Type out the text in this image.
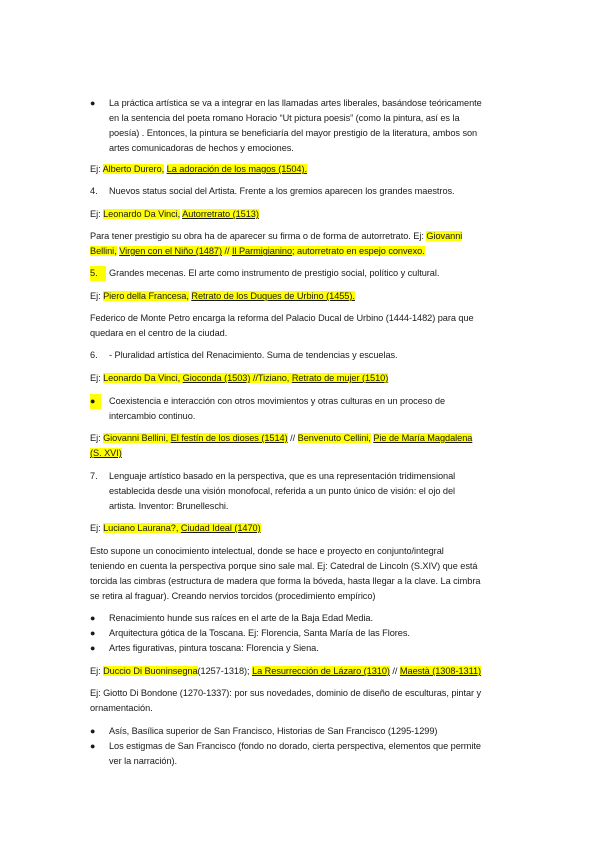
● La práctica artística se va a integrar en las llamadas artes liberales, basándose teóricamente

en la sentencia del poeta romano Horacio “Ut pictura poesis” (como la pintura, así es la

poesía) . Entonces, la pintura se beneficiaría del mayor prestigio de la literatura, ambos son

artes comunicadoras de hechos y emociones.

Ej: Alberto Durero, La adoración de los magos (1504).

4. Nuevos status social del Artista. Frente a los gremios aparecen los grandes maestros.

Ej: Leonardo Da Vinci, Autorretrato (1513)

Para tener prestigio su obra ha de aparecer su firma o de forma de autorretrato. Ej: Giovanni

Bellini, Virgen con el Niño (1487) // Il Parmigianino; autorretrato en espejo convexo.

5.	Grandes mecenas. El arte como instrumento de prestigio social, político y cultural.

Ej: Piero della Francesa, Retrato de los Duques de Urbino (1455).

Federico de Monte Petro encarga la reforma del Palacio Ducal de Urbino (1444-1482) para que

quedara en el centro de la ciudad.

6. - Pluralidad artística del Renacimiento. Suma de tendencias y escuelas.

Ej: Leonardo Da Vinci, Gioconda (1503) //Tiziano, Retrato de mujer (1510)

●	Coexistencia e interacción con otros movimientos y otras culturas en un proceso de

intercambio continuo.

Ej: Giovanni Bellini, El festín de los dioses (1514) // Benvenuto Cellini, Pie de María Magdalena

(S. XVI)

7. Lenguaje artístico basado en la perspectiva, que es una representación tridimensional

establecida desde una visión monofocal, referida a un punto único de visión: el ojo del

artista. Inventor: Brunelleschi.

Ej: Luciano Laurana?, Ciudad Ideal (1470)

Esto supone un conocimiento intelectual, donde se hace e proyecto en conjunto/integral

teniendo en cuenta la perspectiva porque sino sale mal. Ej: Catedral de Lincoln (S.XIV) que está

torcida las cimbras (estructura de madera que forma la bóveda, hasta llegar a la clave. La cimbra

se retira al fraguar). Creando nervios torcidos (procedimiento empírico)

● Renacimiento hunde sus raíces en el arte de la Baja Edad Media.

● Arquitectura gótica de la Toscana. Ej: Florencia, Santa María de las Flores.

● Artes figurativas, pintura toscana: Florencia y Siena.

Ej: Duccio Di Buoninsegna(1257-1318); La Resurrección de Lázaro (1310) // Maestà (1308-1311)

Ej: Giotto Di Bondone (1270-1337): por sus novedades, dominio de diseño de esculturas, pintar y

ornamentación.

● Asís, Basílica superior de San Francisco, Historias de San Francisco (1295-1299)

● Los estigmas de San Francisco (fondo no dorado, cierta perspectiva, elementos que permite

ver la narración).
